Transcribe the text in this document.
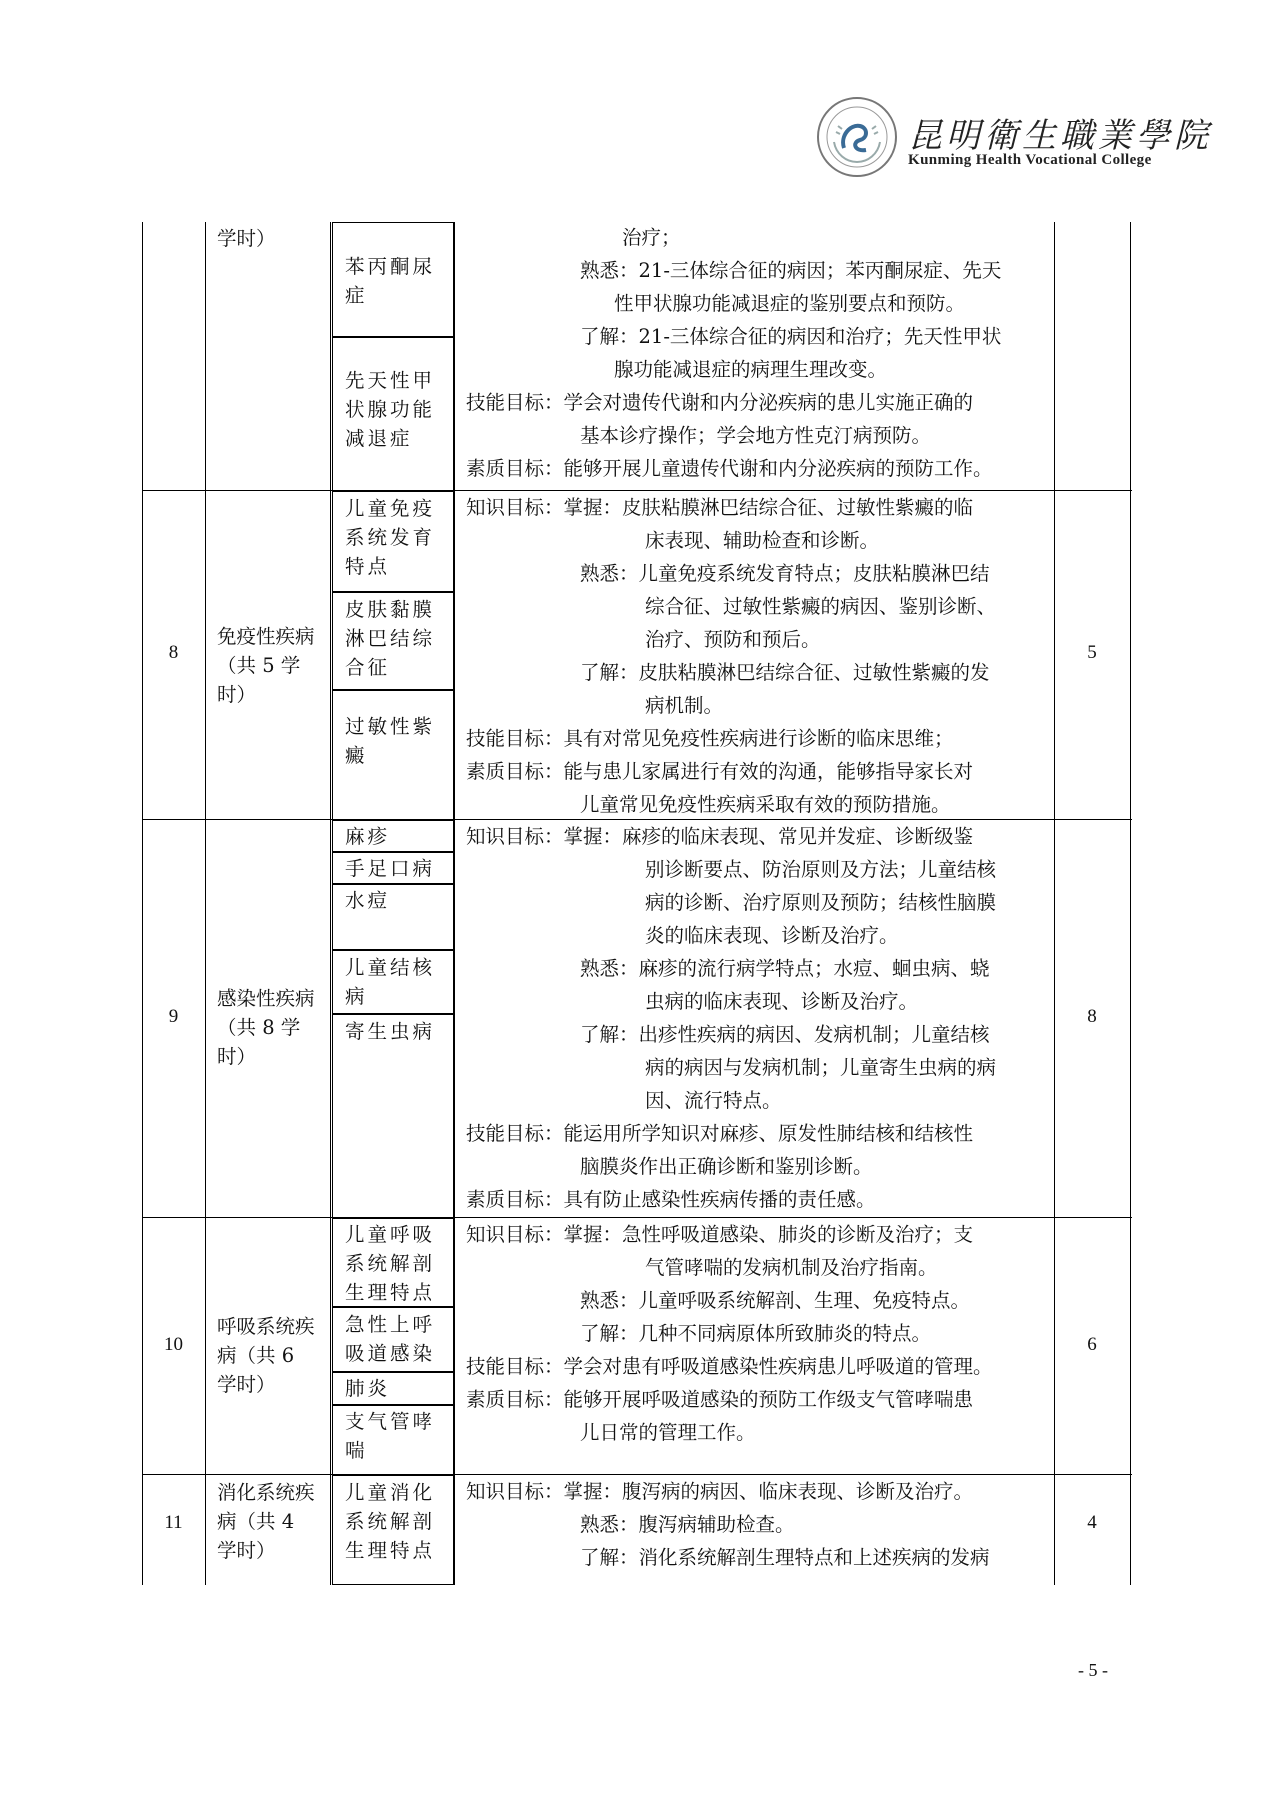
昆明衛生職業學院
Kunming Health Vocational College
学时）
苯丙酮尿症
先天性甲状腺功能减退症
治疗；
熟悉：21-三体综合征的病因；苯丙酮尿症、先天
性甲状腺功能减退症的鉴别要点和预防。
了解：21-三体综合征的病因和治疗；先天性甲状
腺功能减退症的病理生理改变。
技能目标：学会对遗传代谢和内分泌疾病的患儿实施正确的
基本诊疗操作；学会地方性克汀病预防。
素质目标：能够开展儿童遗传代谢和内分泌疾病的预防工作。
8
免疫性疾病（共 5 学时）
儿童免疫系统发育特点
皮肤黏膜淋巴结综合征
过敏性紫癜
5
知识目标：掌握：皮肤粘膜淋巴结综合征、过敏性紫癜的临
床表现、辅助检查和诊断。
熟悉：儿童免疫系统发育特点；皮肤粘膜淋巴结
综合征、过敏性紫癜的病因、鉴别诊断、
治疗、预防和预后。
了解：皮肤粘膜淋巴结综合征、过敏性紫癜的发
病机制。
技能目标：具有对常见免疫性疾病进行诊断的临床思维；
素质目标：能与患儿家属进行有效的沟通，能够指导家长对
儿童常见免疫性疾病采取有效的预防措施。
9
感染性疾病（共 8 学时）
麻疹
手足口病
水痘
儿童结核病
寄生虫病
8
知识目标：掌握：麻疹的临床表现、常见并发症、诊断级鉴
别诊断要点、防治原则及方法；儿童结核
病的诊断、治疗原则及预防；结核性脑膜
炎的临床表现、诊断及治疗。
熟悉：麻疹的流行病学特点；水痘、蛔虫病、蛲
虫病的临床表现、诊断及治疗。
了解：出疹性疾病的病因、发病机制；儿童结核
病的病因与发病机制；儿童寄生虫病的病
因、流行特点。
技能目标：能运用所学知识对麻疹、原发性肺结核和结核性
脑膜炎作出正确诊断和鉴别诊断。
素质目标：具有防止感染性疾病传播的责任感。
10
呼吸系统疾病（共 6 学时）
儿童呼吸系统解剖生理特点
急性上呼吸道感染
肺炎
支气管哮喘
6
知识目标：掌握：急性呼吸道感染、肺炎的诊断及治疗；支
气管哮喘的发病机制及治疗指南。
熟悉：儿童呼吸系统解剖、生理、免疫特点。
了解：几种不同病原体所致肺炎的特点。
技能目标：学会对患有呼吸道感染性疾病患儿呼吸道的管理。
素质目标：能够开展呼吸道感染的预防工作级支气管哮喘患
儿日常的管理工作。
11
消化系统疾病（共 4 学时）
儿童消化系统解剖生理特点
4
知识目标：掌握：腹泻病的病因、临床表现、诊断及治疗。
熟悉：腹泻病辅助检查。
了解：消化系统解剖生理特点和上述疾病的发病
- 5 -
